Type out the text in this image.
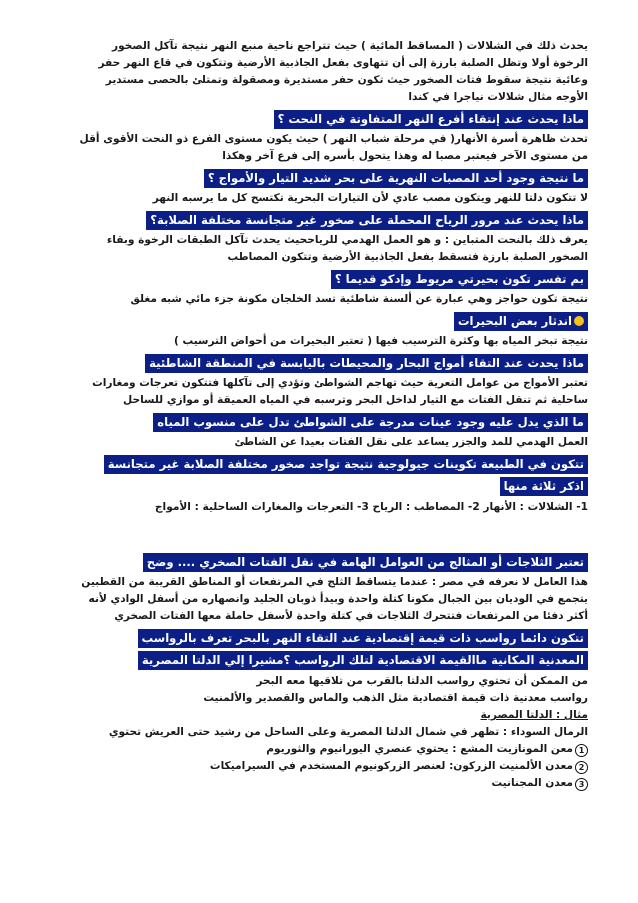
يحدث ذلك في الشلالات ( المساقط المائية ) حيث تتراجع ناحية منبع النهر نتيجة تآكل الصخور
الرخوة أولا وتظل الصلبة بارزة إلى أن تتهاوى بفعل الجاذبية الأرضية وتتكون في قاع النهر حفر
وعائية نتيجة سقوط فتات الصخور حيث تكون حفر مستديرة ومصقولة وتمتلئ بالحصى مستدير
الأوجه مثال شلالات نياجرا في كندا
ماذا يحدث عند إنتقاء أفرع النهر المتفاوتة في النحت ؟
تحدث ظاهرة أسرة الأنهار( في مرحلة شباب النهر ) حيث يكون مستوى الفرع ذو النحت الأقوى أقل
من مستوى الآخر فيعتبر مصبا له وهذا يتحول بأسره إلى فرع آخر وهكذا
ما نتيجة وجود أحد المصبات النهرية على بحر شديد التيار والأمواج ؟
لا تتكون دلتا للنهر ويتكون مصب عادي لأن التيارات البحرية تكتسح كل ما يرسبه النهر
ماذا يحدث عند مرور الرياح المحملة على صخور غير متجانسة مختلفة الصلابة؟
يعرف ذلك بالنحت المتباين : و هو العمل الهدمي للرياححيث يحدث تآكل الطبقات الرخوة وبقاء
الصخور الصلبة بارزة فتسقط بفعل الجاذبية الأرضية وتتكون المصاطب
بم تفسر تكون بحيرتي مريوط وإدكو قديما ؟
نتيجة تكون حواجز وهي عبارة عن ألسنة شاطئية تسد الخلجان مكونة جزء مائي شبه مغلق
اندثار بعض البحيرات
نتيجة تبخر المياه بها وكثرة الترسيب فيها ( تعتبر البحيرات من أحواض الترسيب )
ماذا يحدث عند التقاء أمواج البحار والمحيطات باليابسة في المنطقة الشاطئية
تعتبر الأمواج من عوامل التعرية حيث تهاجم الشواطئ وتؤدي إلى تآكلها فتتكون تعرجات ومغارات
ساحلية ثم تنقل الفتات مع التيار لداخل البحر وترسبه في المياه العميقة أو موازي للساحل
ما الذي يدل عليه وجود عينات مدرجة على الشواطئ تدل على منسوب المياه
العمل الهدمي للمد والجزر يساعد على نقل الفتات بعيدا عن الشاطئ
تتكون في الطبيعة تكوينات جيولوجية نتيجة تواجد صخور مختلفة الصلابة غير متجانسة
اذكر ثلاثة منها
1- الشلالات : الأنهار 2- المصاطب : الرياح 3- التعرجات والمغارات الساحلية : الأمواج
تعتبر الثلاجات أو المثالج من العوامل الهامة في نقل الفتات الصخري .... وضح
هذا العامل لا نعرفه في مصر : عندما يتساقط الثلج في المرتفعات أو المناطق القريبة من القطبين
يتجمع في الوديان بين الجبال مكونا كتلة واحدة وبيدأ ذوبان الجليد وانصهاره من أسفل الوادي لأنه
أكثر دفئا من المرتفعات فتتحرك الثلاجات في كتلة واحدة لأسفل حاملة معها الفتات الصخري
تتكون دائما رواسب ذات قيمة إقتصادية عند التقاء النهر بالبحر تعرف بالرواسب
المعدنية المكانية ماالقيمة الاقتصادية لتلك الرواسب ؟مشيرا إلي الدلتا المصرية
من الممكن أن تحتوي رواسب الدلتا بالقرب من تلاقيها معه البحر
رواسب معدنية ذات قيمة اقتصادية مثل الذهب والماس والقصدير والألمنيت
مثال : الدلتا المصرية
الرمال السوداء : تظهر في شمال الدلتا المصرية وعلى الساحل من رشيد حتى العريش تحتوي
1معن المونازيت المشع : يحتوي عنصري اليورانيوم والثوريوم
2معدن الألمنيت الزركون: لعنصر الزركونيوم المستخدم في السيراميكات
3معدن المجنانيت
